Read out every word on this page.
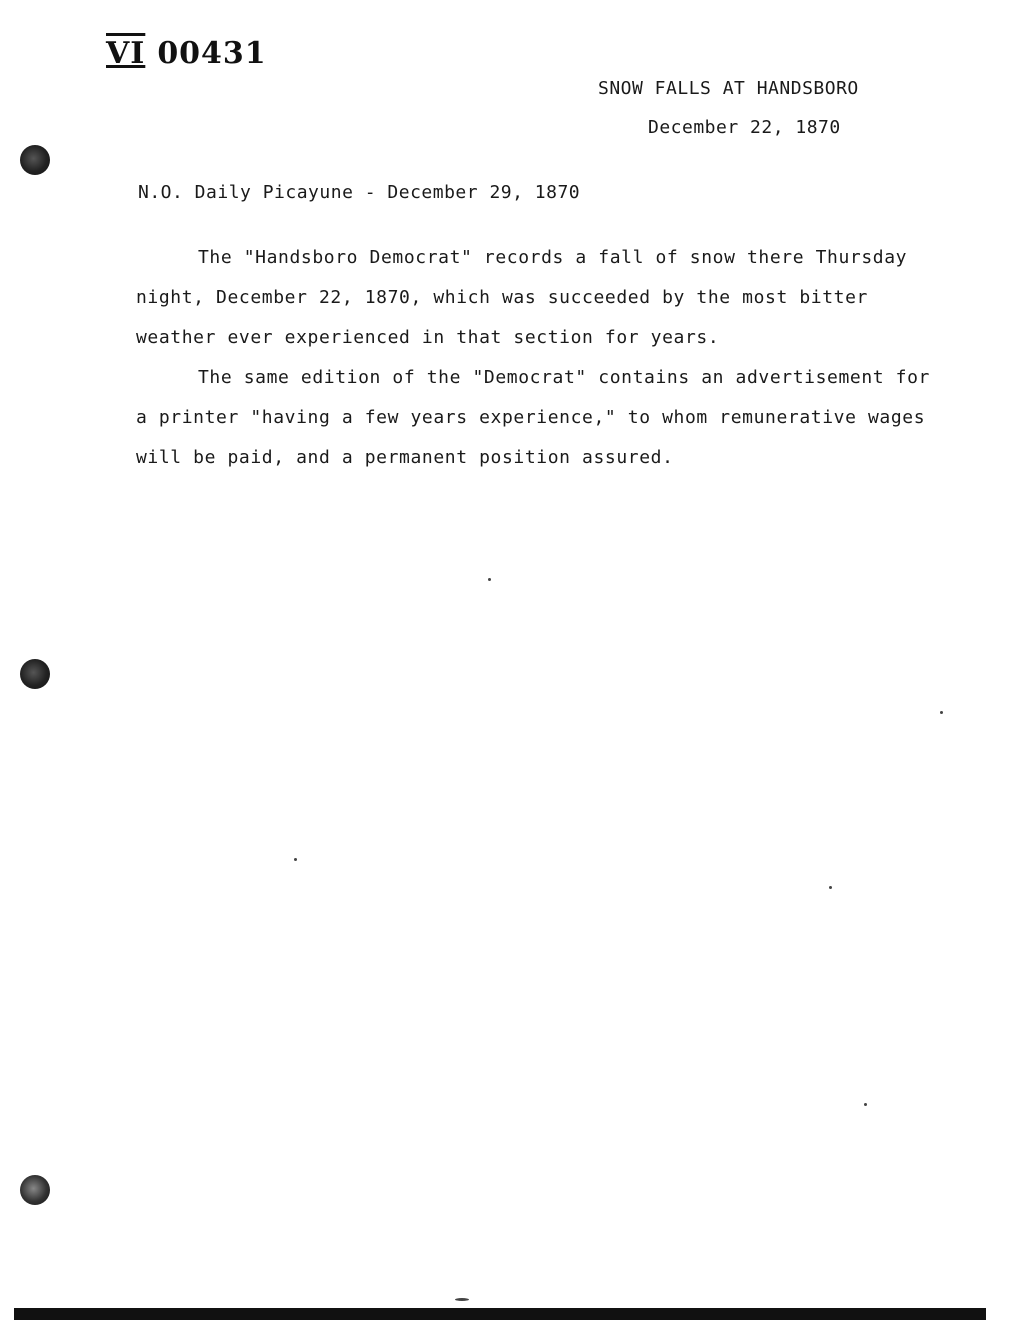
VI 00431
SNOW FALLS AT HANDSBORO
December 22, 1870
N.O. Daily Picayune - December 29, 1870

The "Handsboro Democrat" records a fall of snow there Thursday night, December 22, 1870, which was succeeded by the most bitter weather ever experienced in that section for years.

The same edition of the "Democrat" contains an advertisement for a printer "having a few years experience," to whom remunerative wages will be paid, and a permanent position assured.
